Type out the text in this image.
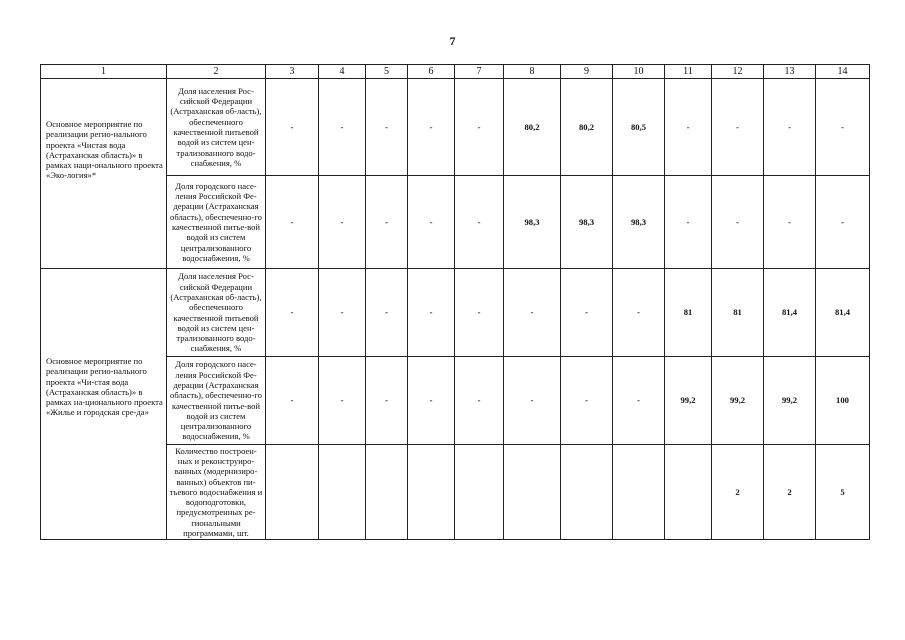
7
1	2	3	4	5	6	7	8	9	10	11	12	13	14
Основное мероприятие по реализации регио-нального проекта «Чистая вода (Астраханская область)» в рамках наци-онального проекта «Эко-логия»*	Доля населения Рос-сийской Федерации (Астраханская об-ласть), обеспеченного качественной питьевой водой из систем цен-трализованного водо-снабжения, %	-	-	-	-	-	80,2	80,2	80,5	-	-	-	-
	Доля городского насе-ления Российской Фе-дерации (Астраханская область), обеспеченно-го качественной питье-вой водой из систем централизованного водоснабжения, %	-	-	-	-	-	98,3	98,3	98,3	-	-	-	-
Основное мероприятие по реализации регио-нального проекта «Чи-стая вода (Астраханская область)» в рамках на-ционального проекта «Жилье и городская сре-да»	Доля населения Рос-сийской Федерации (Астраханская об-ласть), обеспеченного качественной питьевой водой из систем цен-трализованного водо-снабжения, %	-	-	-	-	-	-	-	-	81	81	81,4	81,4
	Доля городского насе-ления Российской Фе-дерации (Астраханская область), обеспеченно-го качественной питье-вой водой из систем централизованного водоснабжения, %	-	-	-	-	-	-	-	-	99,2	99,2	99,2	100
	Количество построен-ных и реконструиро-ванных (модернизиро-ванных) объектов пи-тьевого водоснабжения и водоподготовки, предусмотренных ре-гиональными программами, шт.										2	2	5
